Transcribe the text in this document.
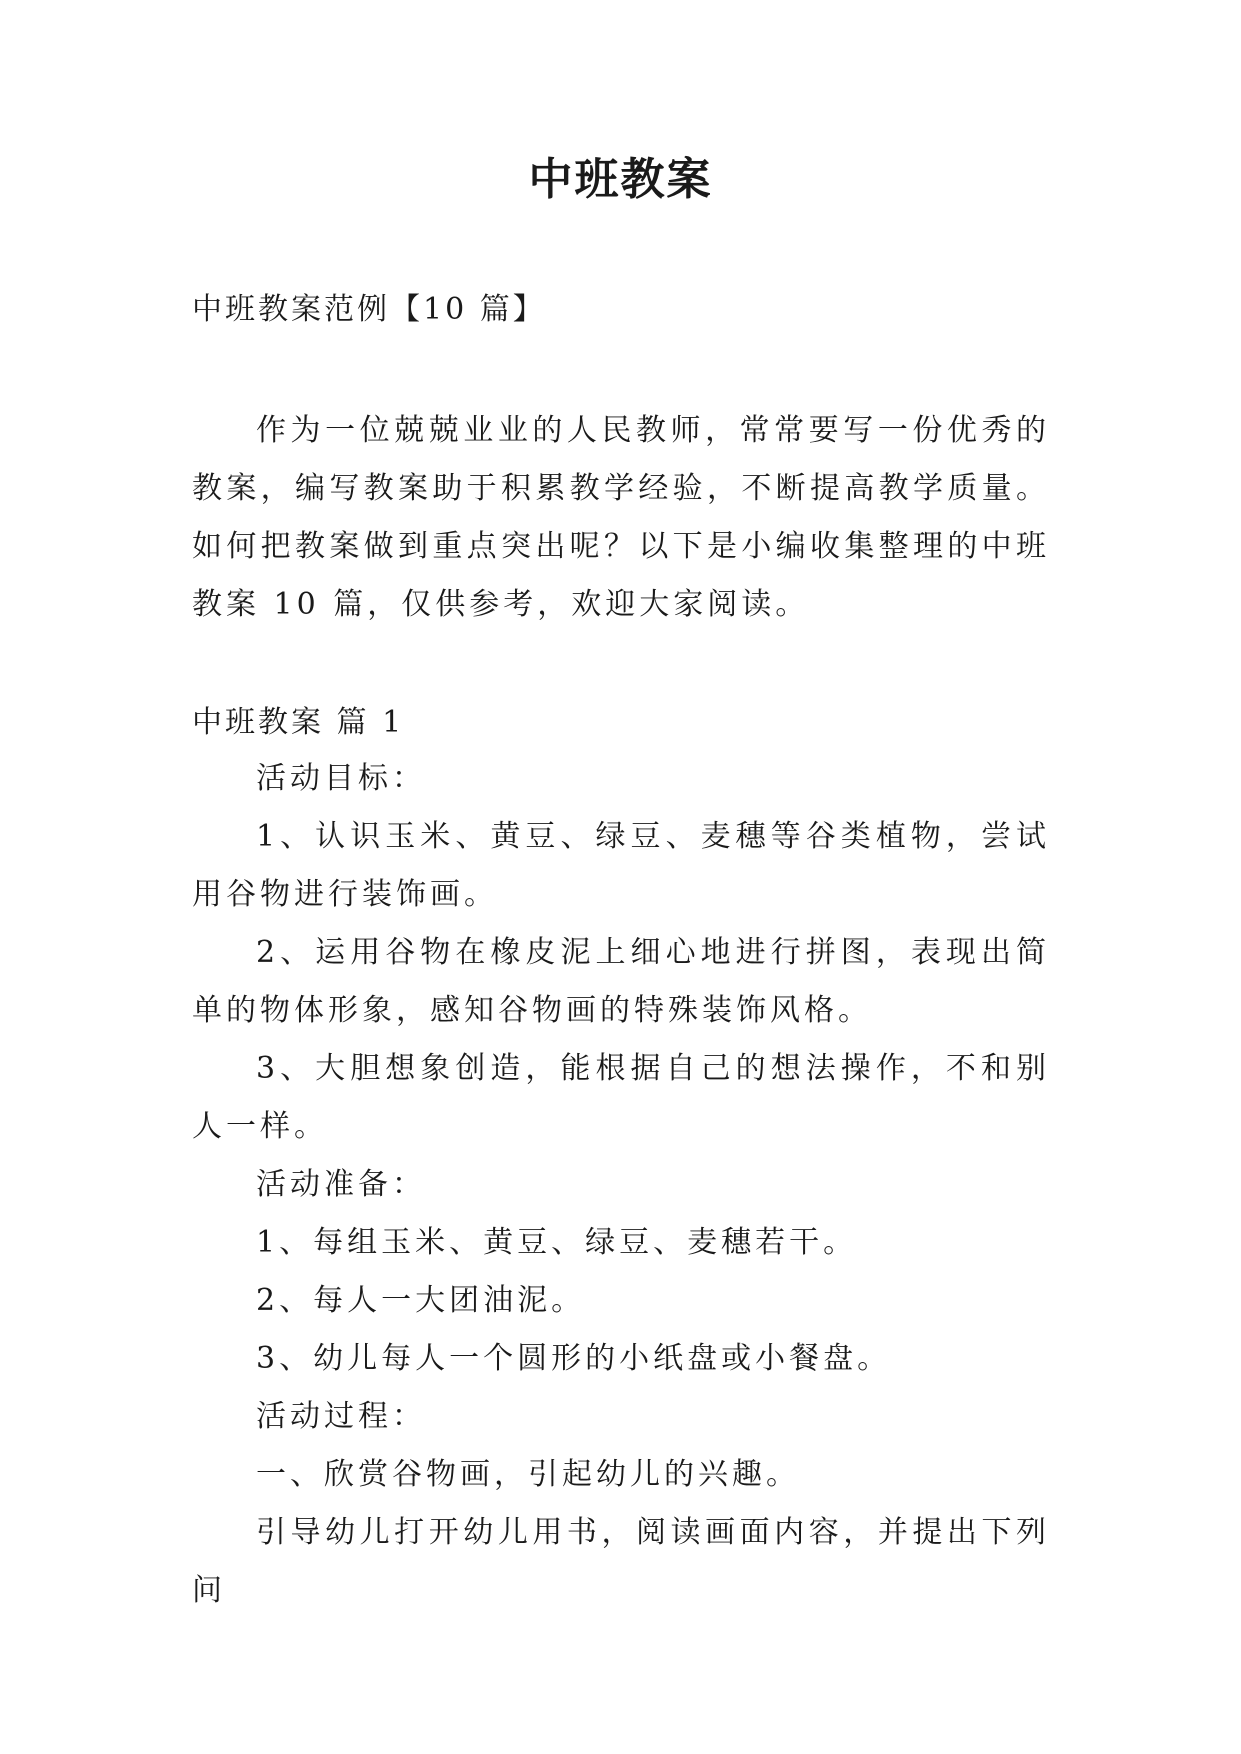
中班教案
中班教案范例【10 篇】

作为一位兢兢业业的人民教师，常常要写一份优秀的教案，编写教案助于积累教学经验，不断提高教学质量。如何把教案做到重点突出呢？以下是小编收集整理的中班教案 10 篇，仅供参考，欢迎大家阅读。

中班教案 篇 1

活动目标：

1、认识玉米、黄豆、绿豆、麦穗等谷类植物，尝试用谷物进行装饰画。

2、运用谷物在橡皮泥上细心地进行拼图，表现出简单的物体形象，感知谷物画的特殊装饰风格。

3、大胆想象创造，能根据自己的想法操作，不和别人一样。

活动准备：

1、每组玉米、黄豆、绿豆、麦穗若干。

2、每人一大团油泥。

3、幼儿每人一个圆形的小纸盘或小餐盘。

活动过程：

一、欣赏谷物画，引起幼儿的兴趣。

引导幼儿打开幼儿用书，阅读画面内容，并提出下列问
